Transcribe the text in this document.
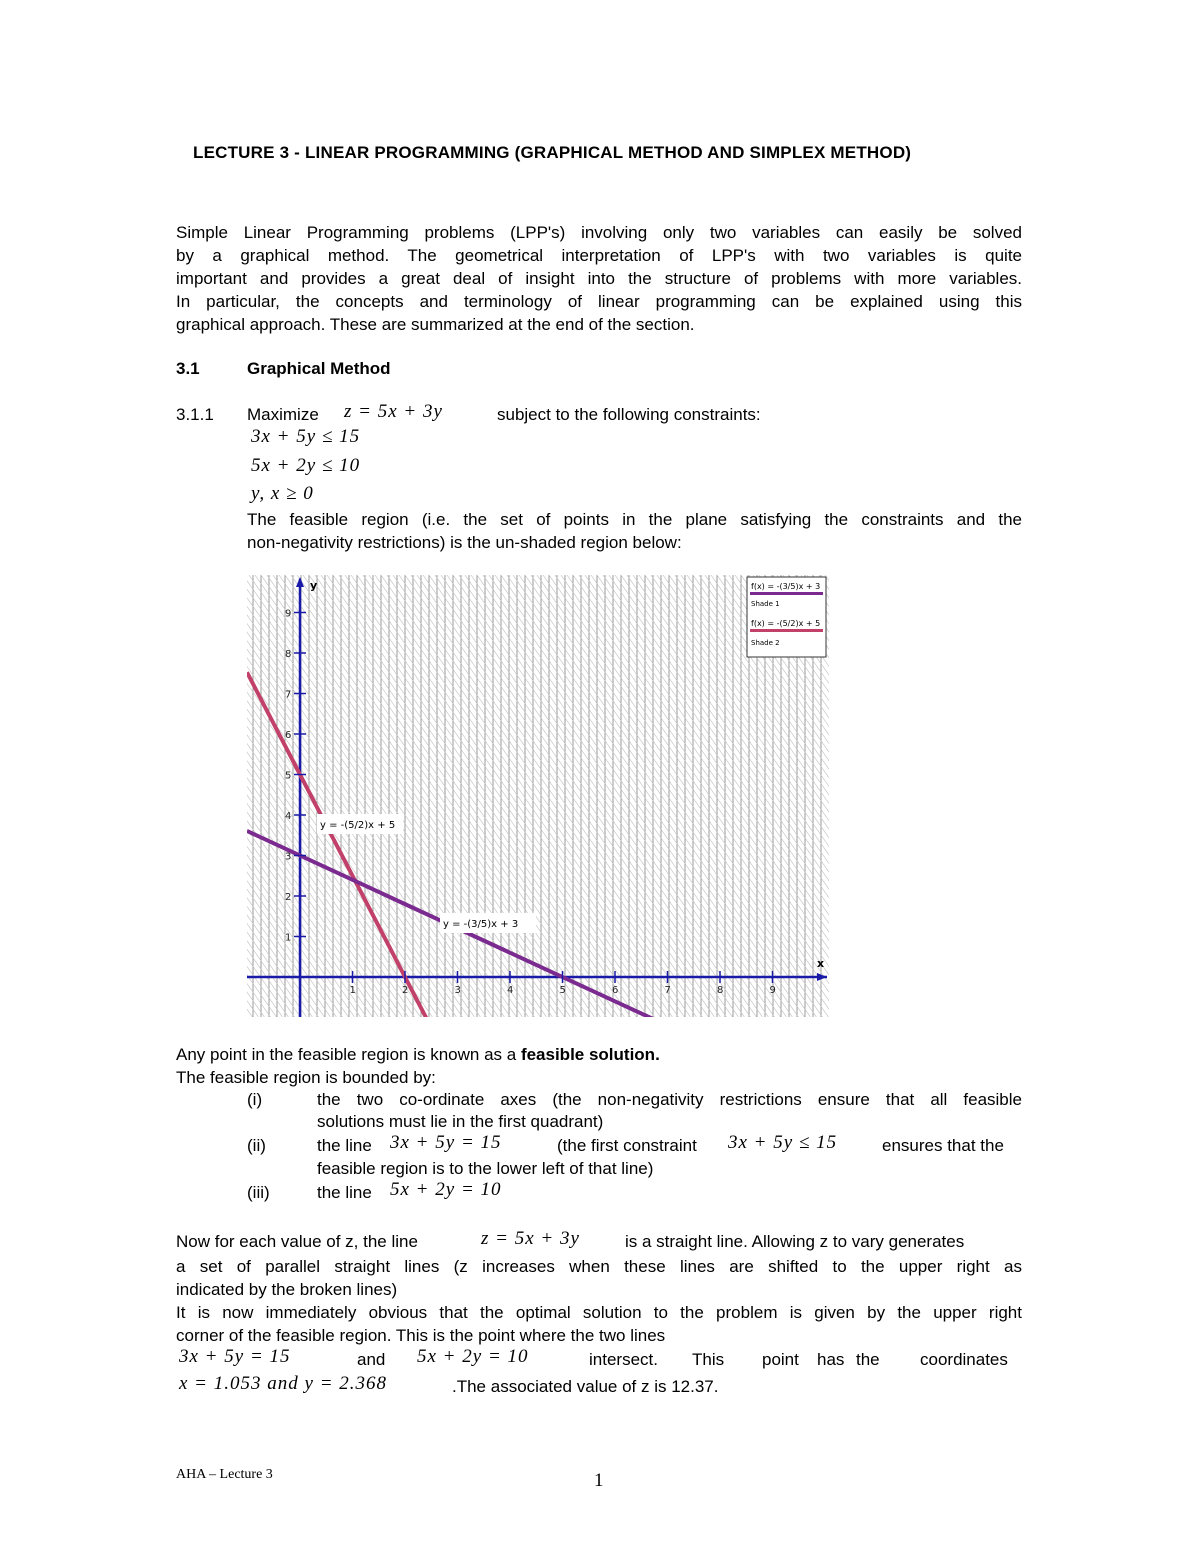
LECTURE 3 - LINEAR PROGRAMMING (GRAPHICAL METHOD AND SIMPLEX METHOD)
Simple Linear Programming problems (LPP's) involving only two variables can easily be solved
by a graphical method. The geometrical interpretation of LPP's with two variables is quite
important and provides a great deal of insight into the structure of problems with more variables.
In particular, the concepts and terminology of linear programming can be explained using this
graphical approach. These are summarized at the end of the section.
3.1	Graphical Method
3.1.1 Maximize z = 5x + 3y	subject to the following constraints:
3x + 5y ≤ 15
5x + 2y ≤ 10
y, x ≥ 0
The feasible region (i.e. the set of points in the plane satisfying the constraints and the
non-negativity restrictions) is the un-shaded region below:
1	2	3	4	5	6	7	8	9
1
2
3
4
5
6
7
8
9
x
y
y = -(5/2)x + 5
y = -(3/5)x + 3
f(x) = -(3/5)x + 3
Shade 1
f(x) = -(5/2)x + 5
Shade 2
Any point in the feasible region is known as a feasible solution.
The feasible region is bounded by:
(i)	the two co-ordinate axes (the non-negativity restrictions ensure that all feasible
solutions must lie in the first quadrant)
(ii)	the line 3x + 5y = 15	(the first constraint 3x + 5y ≤ 15	ensures that the
feasible region is to the lower left of that line)
(iii)	the line 5x + 2y = 10
Now for each value of z, the line	z = 5x + 3y	is a straight line. Allowing z to vary generates
a set of parallel straight lines (z increases when these lines are shifted to the upper right as
indicated by the broken lines)
It is now immediately obvious that the optimal solution to the problem is given by the upper right
corner of the feasible region. This is the point where the two lines
3x + 5y = 15	and 5x + 2y = 10	intersect. This point has the coordinates
x = 1.053 and y = 2.368	.The associated value of z is 12.37.
AHA – Lecture 3	1
